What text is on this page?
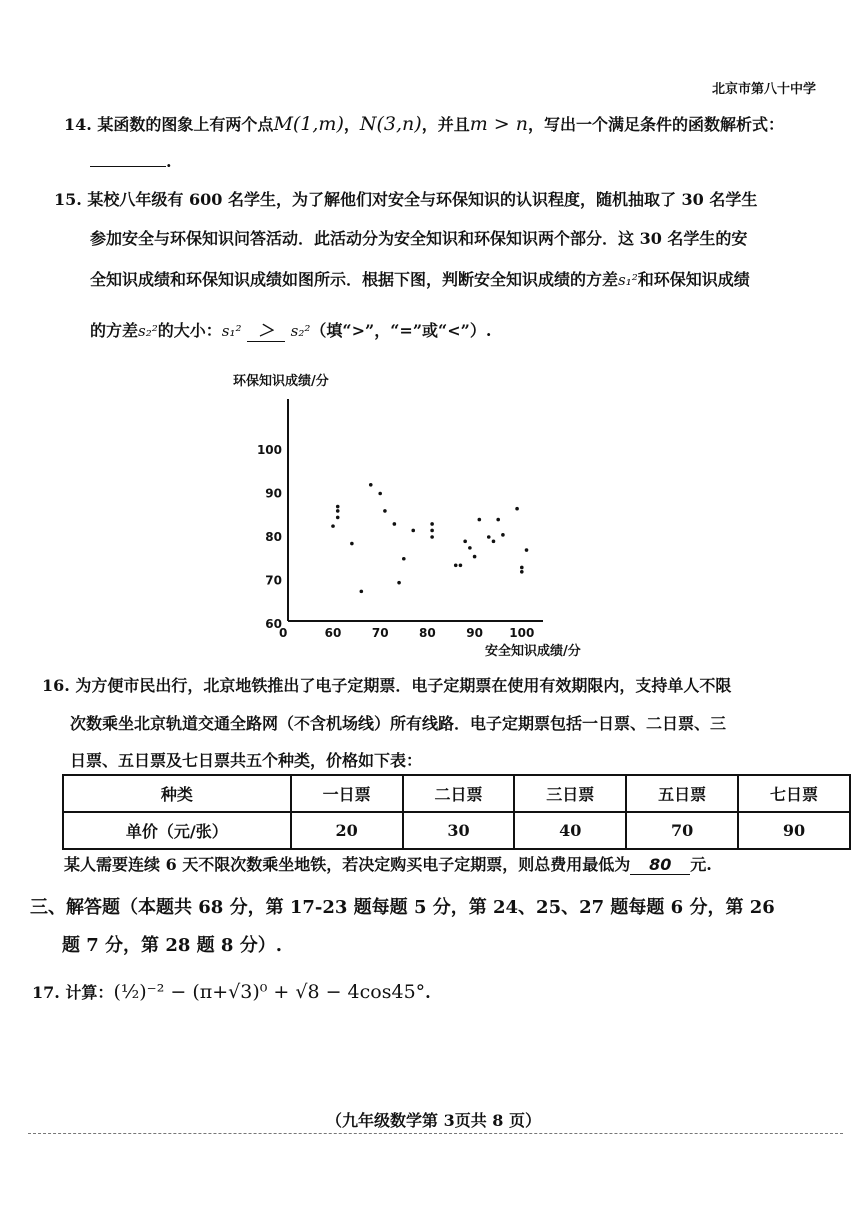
北京市第八十中学
14. 某函数的图象上有两个点M(1,m)，N(3,n)，并且m > n，写出一个满足条件的函数解析式：
.
15. 某校八年级有 600 名学生，为了解他们对安全与环保知识的认识程度，随机抽取了 30 名学生
参加安全与环保知识问答活动．此活动分为安全知识和环保知识两个部分．这 30 名学生的安
全知识成绩和环保知识成绩如图所示．根据下图，判断安全知识成绩的方差s₁²和环保知识成绩
的方差s₂²的大小：s₁² ＞ s₂²（填“>”，“=”或“<”）.
环保知识成绩/分
安全知识成绩/分
0	60	70	80	90 100
100
90
80
70
60
16. 为方便市民出行，北京地铁推出了电子定期票．电子定期票在使用有效期限内，支持单人不限
次数乘坐北京轨道交通全路网（不含机场线）所有线路．电子定期票包括一日票、二日票、三
日票、五日票及七日票共五个种类，价格如下表：
种类	一日票	二日票	三日票	五日票	七日票
单价（元/张）	20	30	40	70	90
某人需要连续 6 天不限次数乘坐地铁，若决定购买电子定期票，则总费用最低为 80 元.
三、解答题（本题共 68 分，第 17-23 题每题 5 分，第 24、25、27 题每题 6 分，第 26
题 7 分，第 28 题 8 分）.
17. 计算：(½)⁻² − (π+√3)⁰ + √8 − 4cos45°.
（九年级数学第 3页共 8 页）
